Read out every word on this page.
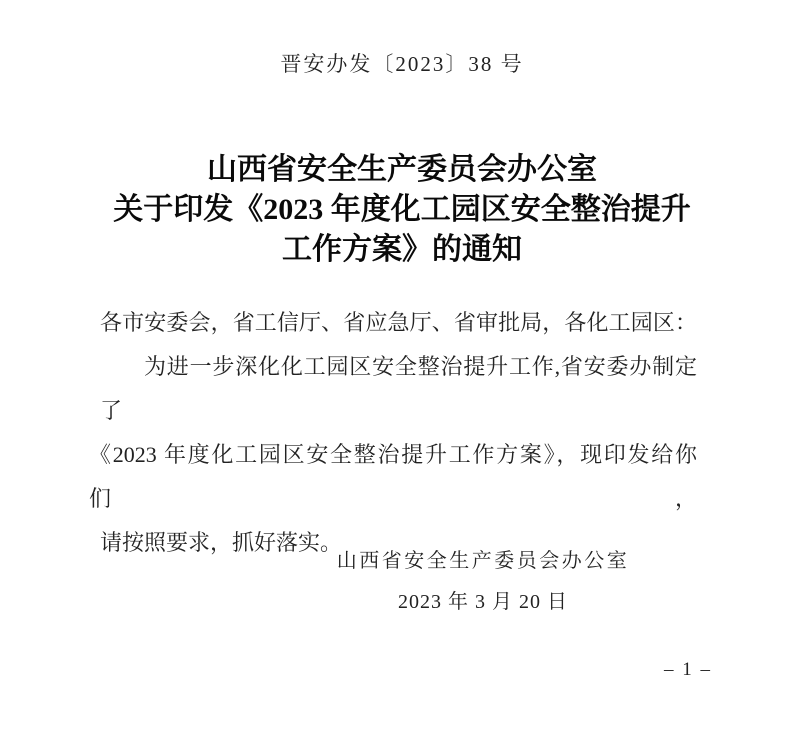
晋安办发〔2023〕38 号
山西省安全生产委员会办公室
关于印发《2023 年度化工园区安全整治提升
工作方案》的通知
各市安委会，省工信厅、省应急厅、省审批局，各化工园区：
为进一步深化化工园区安全整治提升工作,省安委办制定了
《2023 年度化工园区安全整治提升工作方案》，现印发给你们，
请按照要求，抓好落实。
山西省安全生产委员会办公室
2023 年 3 月 20 日
– 1 –
